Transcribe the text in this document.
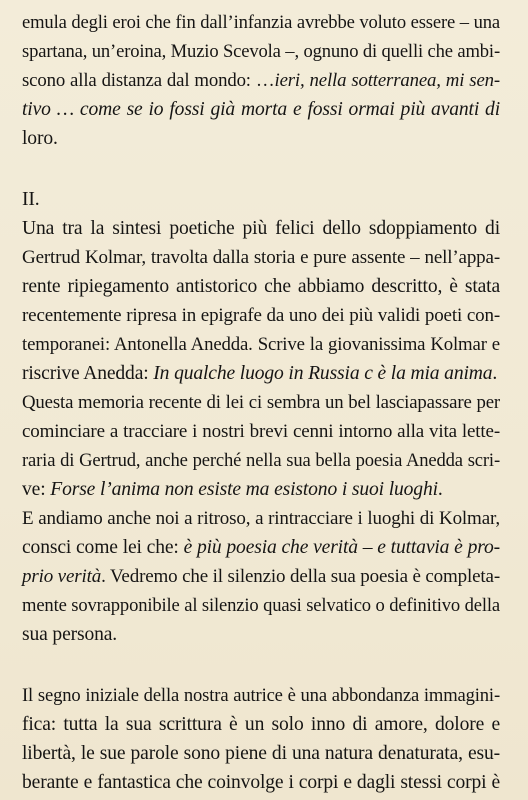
emula degli eroi che fin dall’infanzia avrebbe voluto essere – una
spartana, un’eroina, Muzio Scevola –, ognuno di quelli che ambi-
scono alla distanza dal mondo: …ieri, nella sotterranea, mi sen-
tivo … come se io fossi già morta e fossi ormai più avanti di
loro.
II.
Una tra la sintesi poetiche più felici dello sdoppiamento di
Gertrud Kolmar, travolta dalla storia e pure assente – nell’appa-
rente ripiegamento antistorico che abbiamo descritto, è stata
recentemente ripresa in epigrafe da uno dei più validi poeti con-
temporanei: Antonella Anedda. Scrive la giovanissima Kolmar e
riscrive Anedda: In qualche luogo in Russia c è la mia anima.
Questa memoria recente di lei ci sembra un bel lasciapassare per
cominciare a tracciare i nostri brevi cenni intorno alla vita lette-
raria di Gertrud, anche perché nella sua bella poesia Anedda scri-
ve: Forse l’anima non esiste ma esistono i suoi luoghi.
E andiamo anche noi a ritroso, a rintracciare i luoghi di Kolmar,
consci come lei che: è più poesia che verità – e tuttavia è pro-
prio verità. Vedremo che il silenzio della sua poesia è completa-
mente sovrapponibile al silenzio quasi selvatico o definitivo della
sua persona.
Il segno iniziale della nostra autrice è una abbondanza immagini-
fica: tutta la sua scrittura è un solo inno di amore, dolore e
libertà, le sue parole sono piene di una natura denaturata, esu-
berante e fantastica che coinvolge i corpi e dagli stessi corpi è
